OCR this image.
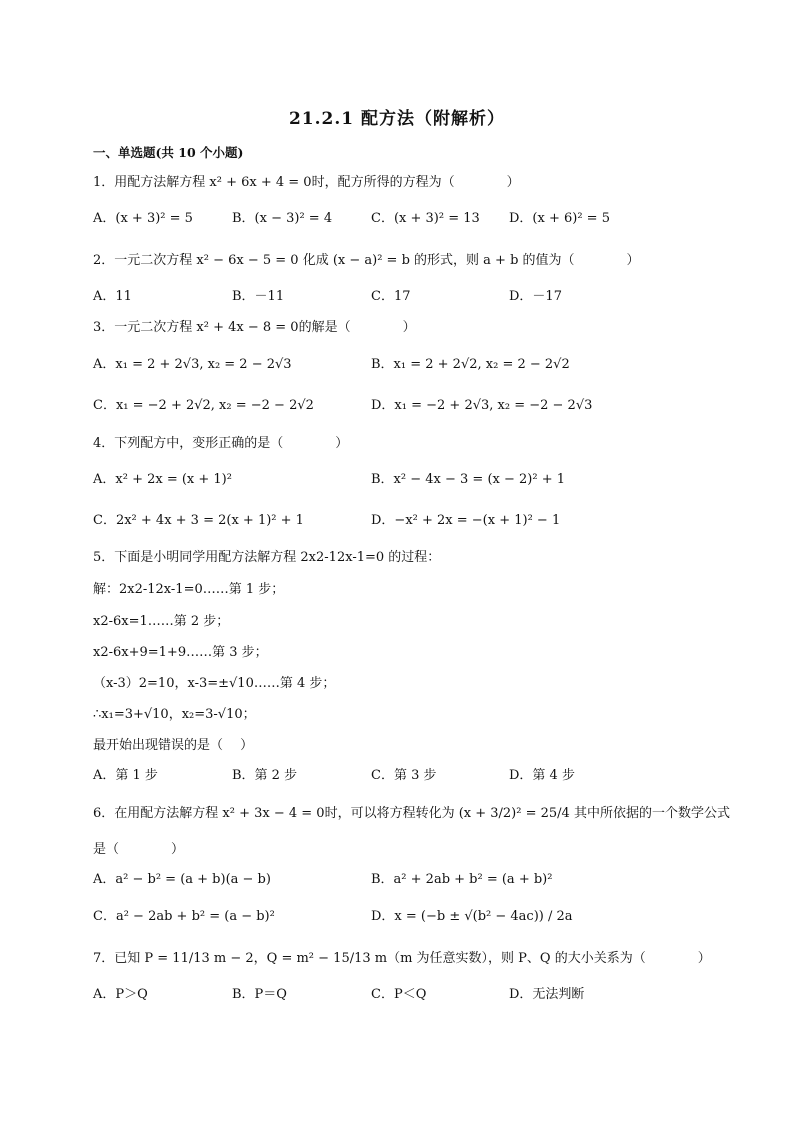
21.2.1 配方法（附解析）
一、单选题(共 10 个小题)
1．用配方法解方程 x² + 6x + 4 = 0时，配方所得的方程为（　　　　）
A．(x + 3)² = 5	B．(x − 3)² = 4	C．(x + 3)² = 13 D．(x + 6)² = 5
2．一元二次方程 x² − 6x − 5 = 0 化成 (x − a)² = b 的形式，则 a + b 的值为（　　　　）
A．11	B．－11	C．17	D．－17
3．一元二次方程 x² + 4x − 8 = 0的解是（　　　　）
A．x₁ = 2 + 2√3, x₂ = 2 − 2√3	B．x₁ = 2 + 2√2, x₂ = 2 − 2√2
C．x₁ = −2 + 2√2, x₂ = −2 − 2√2	D．x₁ = −2 + 2√3, x₂ = −2 − 2√3
4．下列配方中，变形正确的是（　　　　）
A．x² + 2x = (x + 1)²	B．x² − 4x − 3 = (x − 2)² + 1
C．2x² + 4x + 3 = 2(x + 1)² + 1	D．−x² + 2x = −(x + 1)² − 1
5．下面是小明同学用配方法解方程 2x2-12x-1=0 的过程：
解：2x2-12x-1=0……第 1 步；
x2-6x=1……第 2 步；
x2-6x+9=1+9……第 3 步；
（x-3）2=10，x-3=±√10……第 4 步；
∴x₁=3+√10，x₂=3-√10；
最开始出现错误的是（　 ）
A．第 1 步	B．第 2 步	C．第 3 步	D．第 4 步
6．在用配方法解方程 x² + 3x − 4 = 0时，可以将方程转化为 (x + 3/2)² = 25/4 其中所依据的一个数学公式
是（　　　　）
A．a² − b² = (a + b)(a − b)	B．a² + 2ab + b² = (a + b)²
C．a² − 2ab + b² = (a − b)²	D．x = (−b ± √(b² − 4ac)) / 2a
7．已知 P = 11/13 m − 2，Q = m² − 15/13 m（m 为任意实数），则 P、Q 的大小关系为（　　　　）
A．P＞Q	B．P＝Q	C．P＜Q	D．无法判断
